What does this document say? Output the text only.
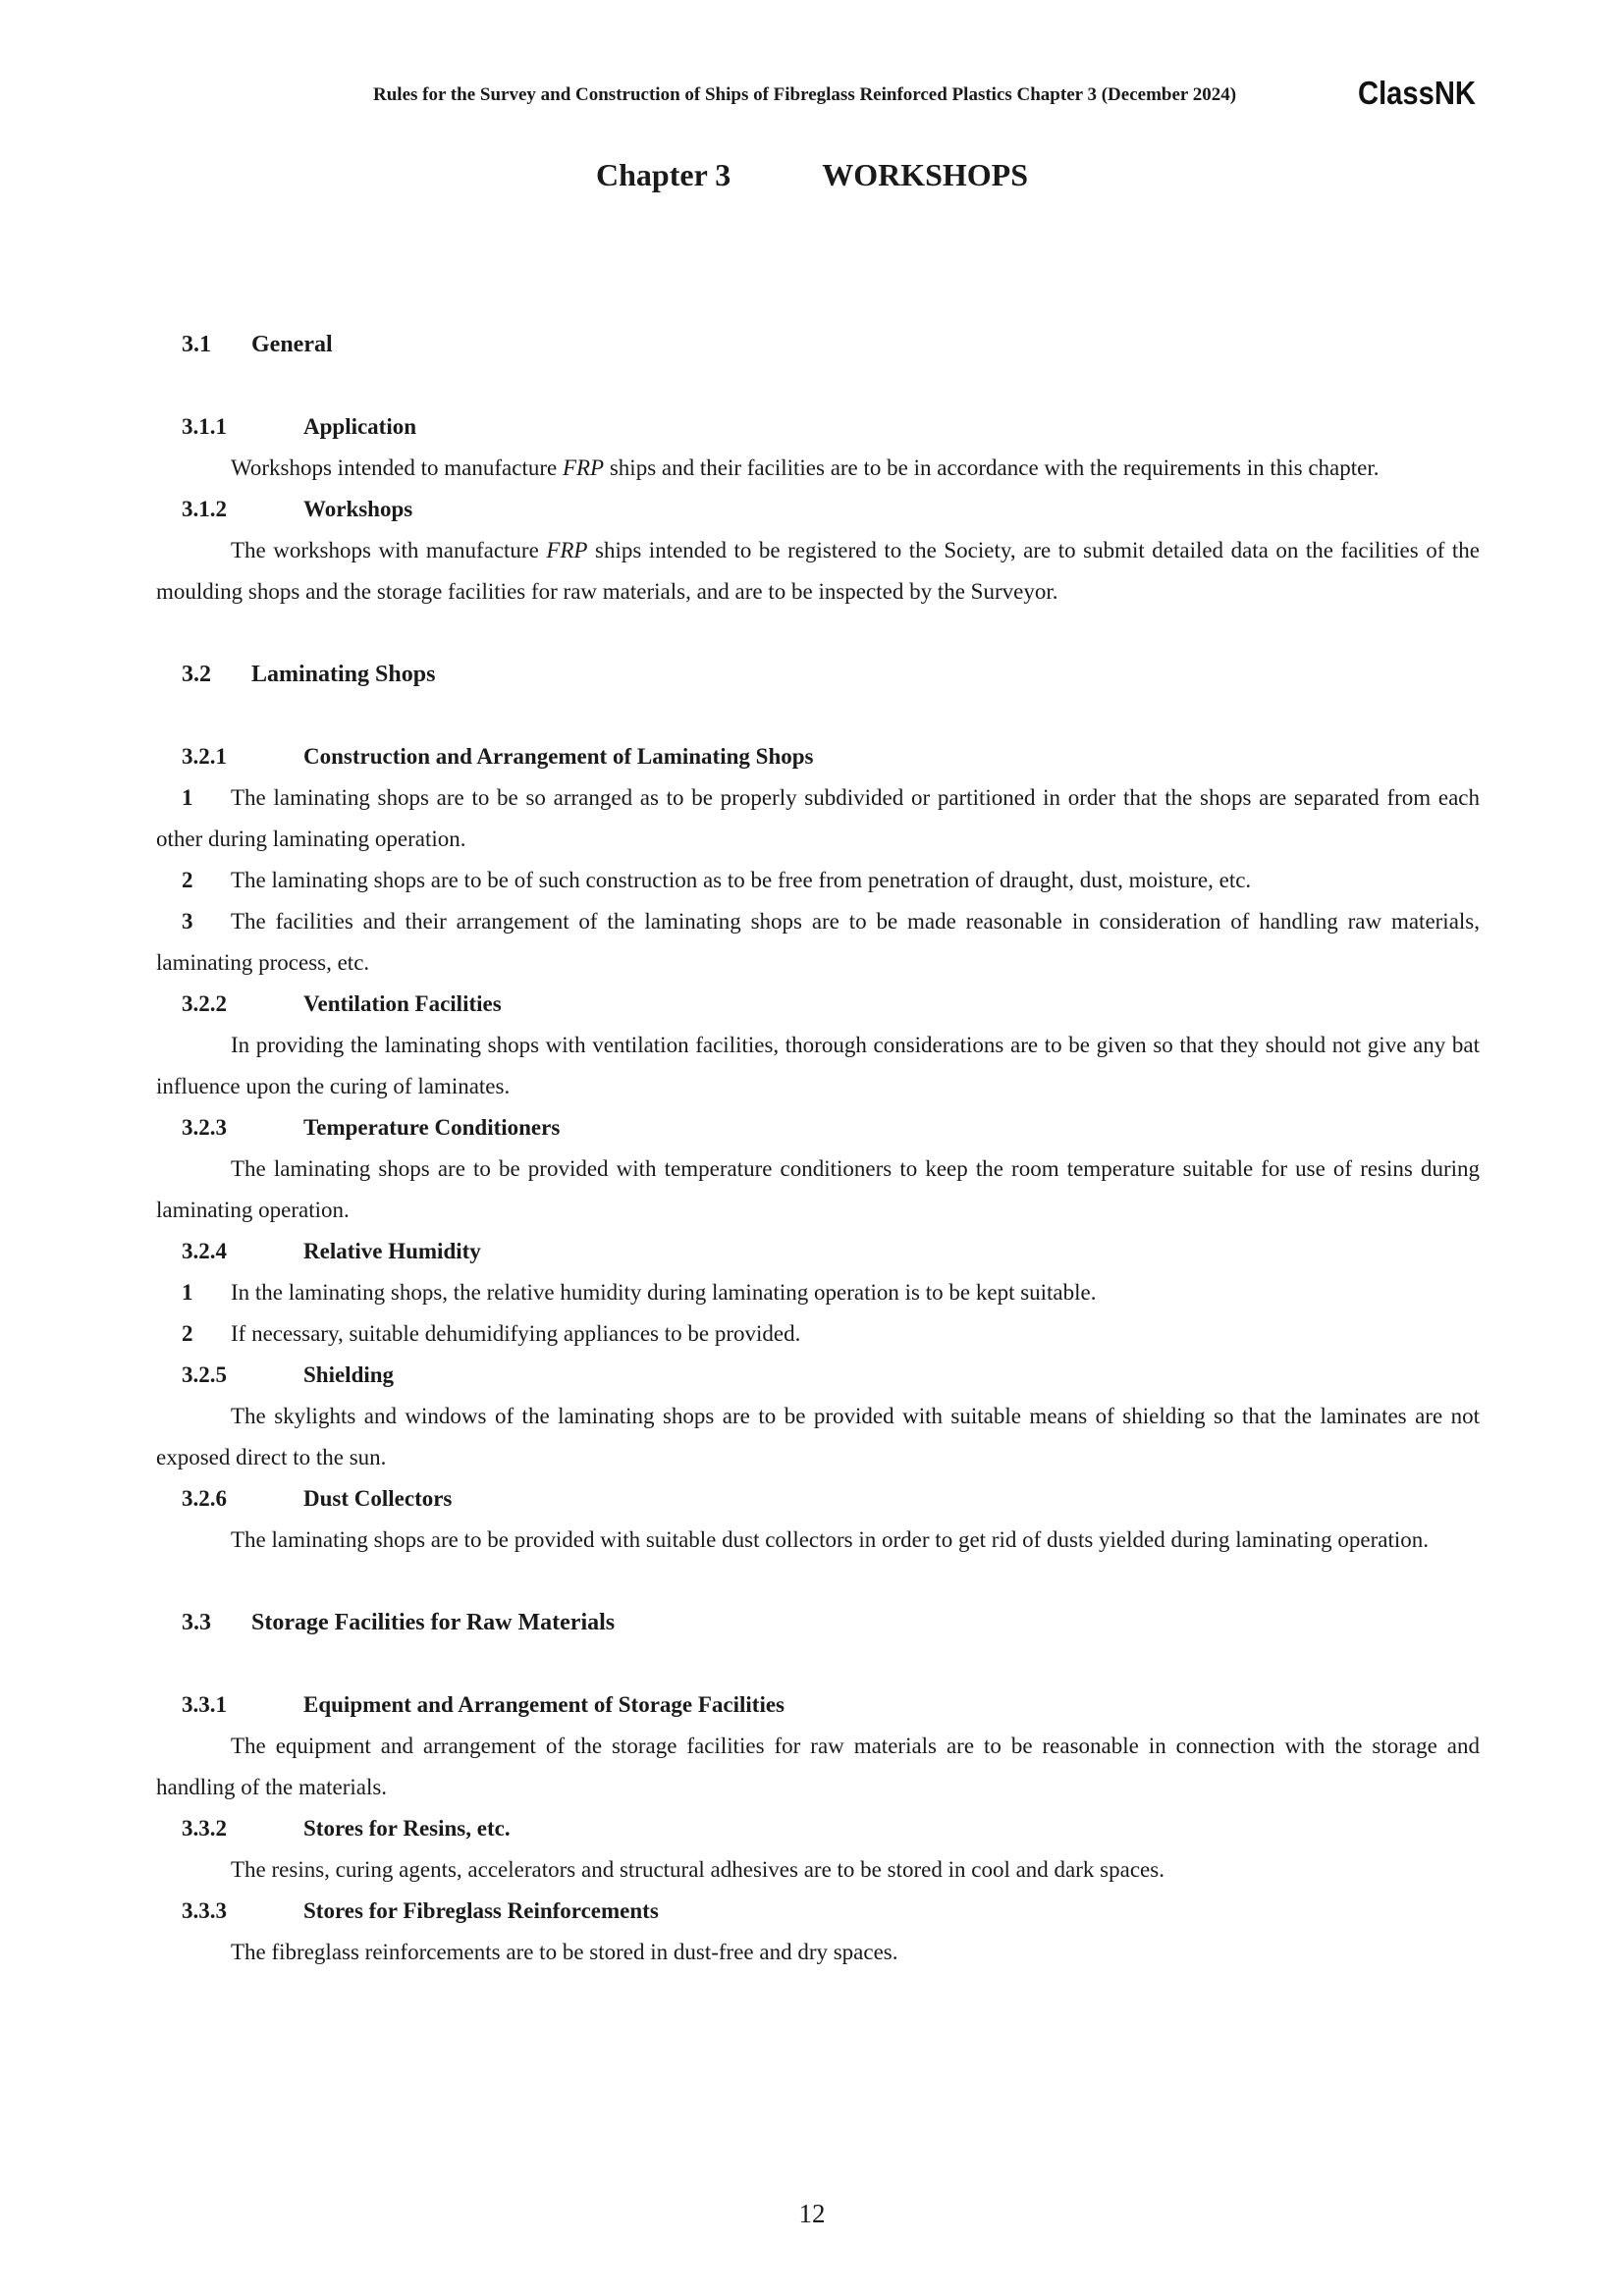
Rules for the Survey and Construction of Ships of Fibreglass Reinforced Plastics Chapter 3 (December 2024)	ClassNK
Chapter 3	WORKSHOPS
3.1 General
3.1.1	Application
Workshops intended to manufacture FRP ships and their facilities are to be in accordance with the requirements in this chapter.
3.1.2	Workshops
The workshops with manufacture FRP ships intended to be registered to the Society, are to submit detailed data on the facilities of the moulding shops and the storage facilities for raw materials, and are to be inspected by the Surveyor.
3.2 Laminating Shops
3.2.1	Construction and Arrangement of Laminating Shops
1 The laminating shops are to be so arranged as to be properly subdivided or partitioned in order that the shops are separated from each other during laminating operation.
2 The laminating shops are to be of such construction as to be free from penetration of draught, dust, moisture, etc.
3 The facilities and their arrangement of the laminating shops are to be made reasonable in consideration of handling raw materials, laminating process, etc.
3.2.2	Ventilation Facilities
In providing the laminating shops with ventilation facilities, thorough considerations are to be given so that they should not give any bat influence upon the curing of laminates.
3.2.3	Temperature Conditioners
The laminating shops are to be provided with temperature conditioners to keep the room temperature suitable for use of resins during laminating operation.
3.2.4	Relative Humidity
1 In the laminating shops, the relative humidity during laminating operation is to be kept suitable.
2 If necessary, suitable dehumidifying appliances to be provided.
3.2.5	Shielding
The skylights and windows of the laminating shops are to be provided with suitable means of shielding so that the laminates are not exposed direct to the sun.
3.2.6	Dust Collectors
The laminating shops are to be provided with suitable dust collectors in order to get rid of dusts yielded during laminating operation.
3.3 Storage Facilities for Raw Materials
3.3.1	Equipment and Arrangement of Storage Facilities
The equipment and arrangement of the storage facilities for raw materials are to be reasonable in connection with the storage and handling of the materials.
3.3.2	Stores for Resins, etc.
The resins, curing agents, accelerators and structural adhesives are to be stored in cool and dark spaces.
3.3.3	Stores for Fibreglass Reinforcements
The fibreglass reinforcements are to be stored in dust-free and dry spaces.
12
